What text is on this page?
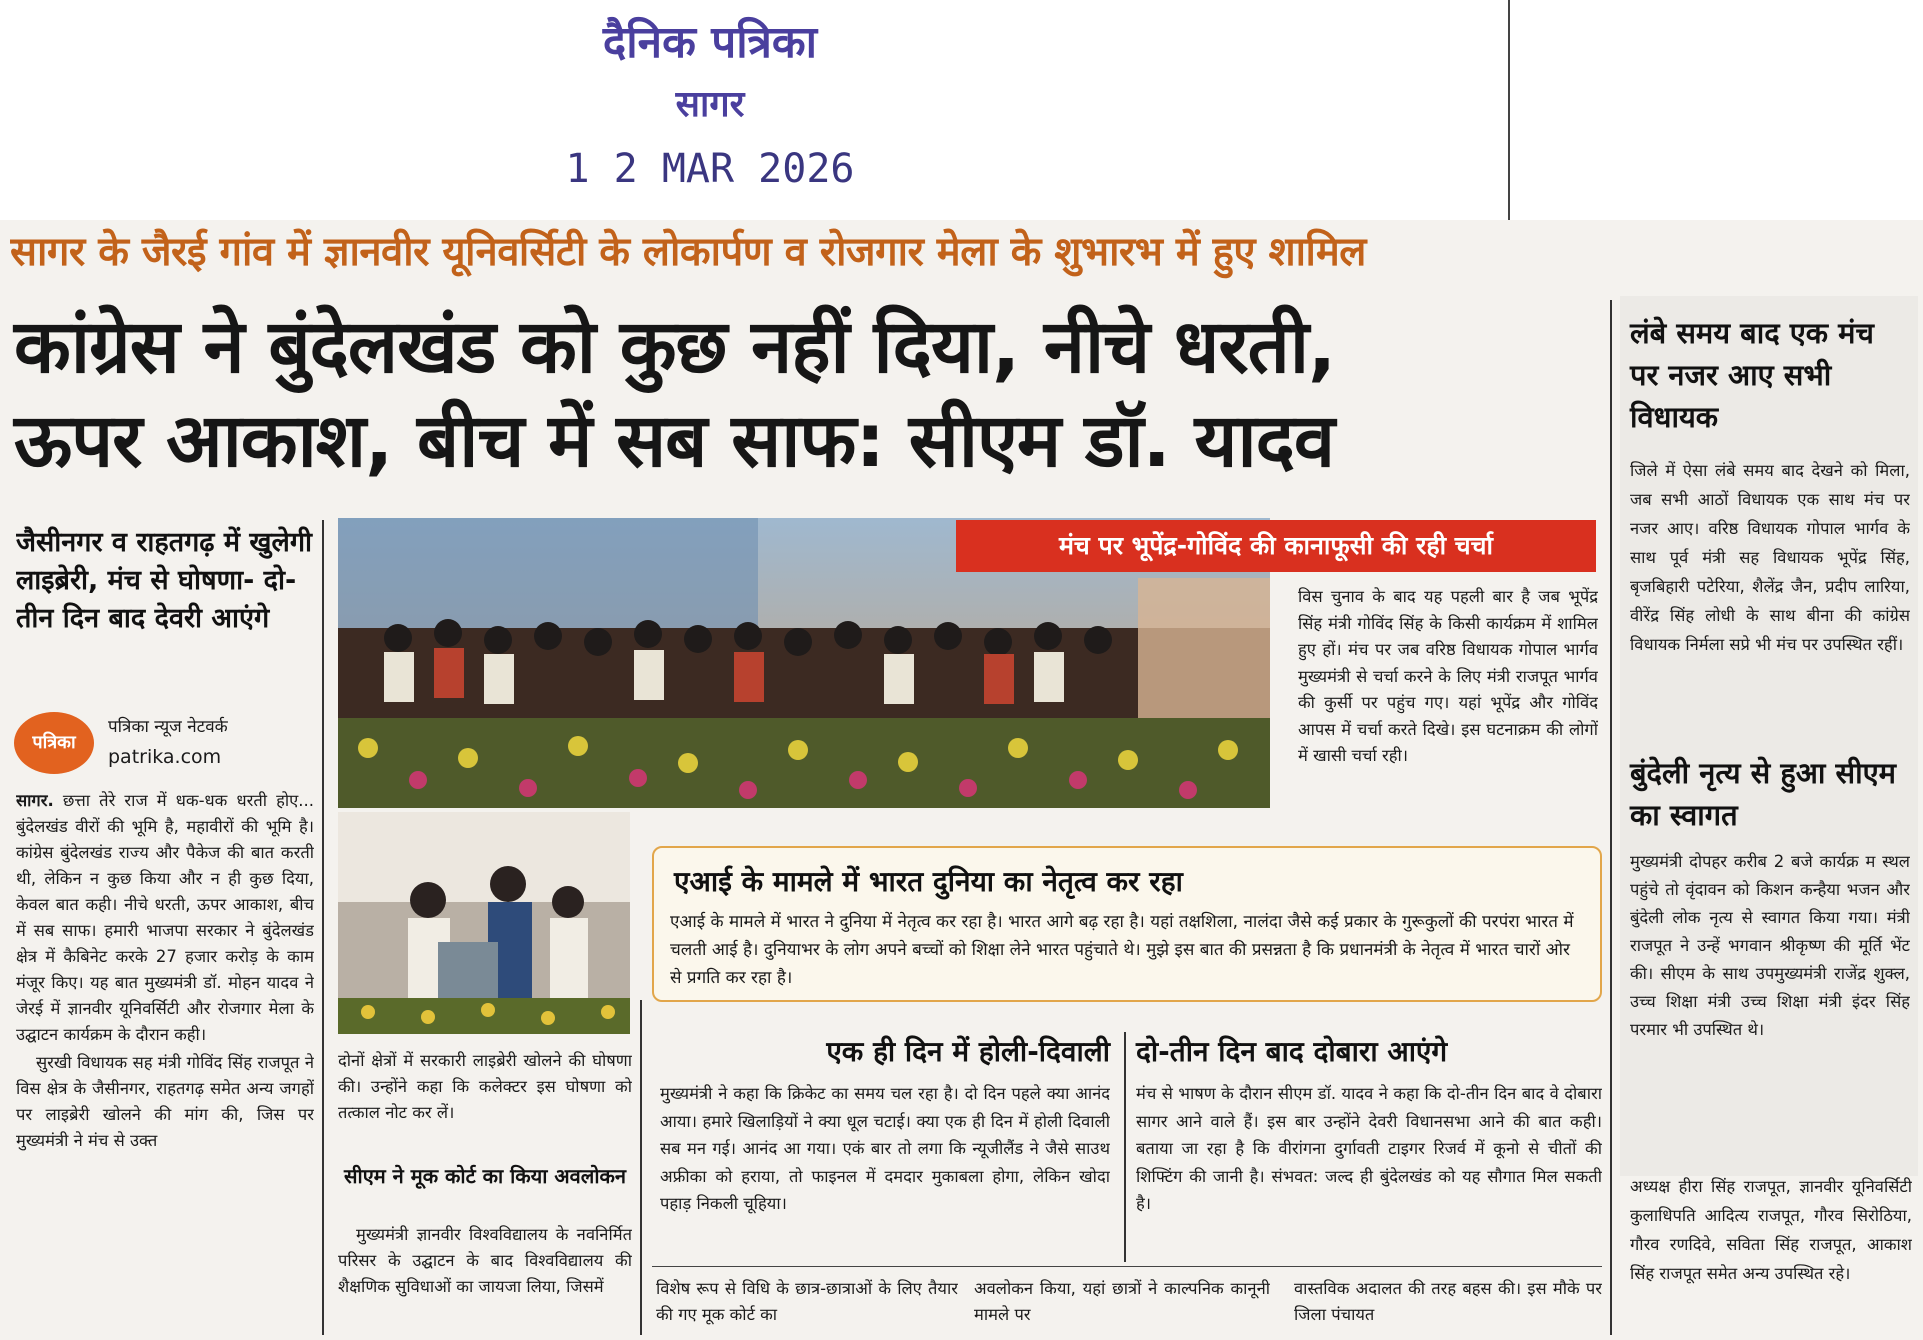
दैनिक पत्रिका
सागर
1 2 MAR 2026
सागर के जैरई गांव में ज्ञानवीर यूनिवर्सिटी के लोकार्पण व रोजगार मेला के शुभारभ में हुए शामिल
कांग्रेस ने बुंदेलखंड को कुछ नहीं दिया, नीचे धरती,
ऊपर आकाश, बीच में सब साफ: सीएम डॉ. यादव
जैसीनगर व राहतगढ़ में खुलेगी लाइब्रेरी, मंच से घोषणा- दो-तीन दिन बाद देवरी आएंगे
पत्रिका
पत्रिका न्यूज नेटवर्क
patrika.com
सागर. छत्ता तेरे राज में धक-धक धरती होए... बुंदेलखंड वीरों की भूमि है, महावीरों की भूमि है। कांग्रेस बुंदेलखंड राज्य और पैकेज की बात करती थी, लेकिन न कुछ किया और न ही कुछ दिया, केवल बात कही। नीचे धरती, ऊपर आकाश, बीच में सब साफ। हमारी भाजपा सरकार ने बुंदेलखंड क्षेत्र में कैबिनेट करके 27 हजार करोड़ के काम मंजूर किए। यह बात मुख्यमंत्री डॉ. मोहन यादव ने जेरई में ज्ञानवीर यूनिवर्सिटी और रोजगार मेला के उद्घाटन कार्यक्रम के दौरान कही।

सुरखी विधायक सह मंत्री गोविंद सिंह राजपूत ने विस क्षेत्र के जैसीनगर, राहतगढ़ समेत अन्य जगहों पर लाइब्रेरी खोलने की मांग की, जिस पर मुख्यमंत्री ने मंच से उक्त

मंच पर भूपेंद्र-गोविंद की कानाफूसी की रही चर्चा
विस चुनाव के बाद यह पहली बार है जब भूपेंद्र सिंह मंत्री गोविंद सिंह के किसी कार्यक्रम में शामिल हुए हों। मंच पर जब वरिष्ठ विधायक गोपाल भार्गव मुख्यमंत्री से चर्चा करने के लिए मंत्री राजपूत भार्गव की कुर्सी पर पहुंच गए। यहां भूपेंद्र और गोविंद आपस में चर्चा करते दिखे। इस घटनाक्रम की लोगों में खासी चर्चा रही।
एआई के मामले में भारत दुनिया का नेतृत्व कर रहा
एआई के मामले में भारत ने दुनिया में नेतृत्व कर रहा है। भारत आगे बढ़ रहा है। यहां तक्षशिला, नालंदा जैसे कई प्रकार के गुरूकुलों की परपंरा भारत में चलती आई है। दुनियाभर के लोग अपने बच्चों को शिक्षा लेने भारत पहुंचाते थे। मुझे इस बात की प्रसन्नता है कि प्रधानमंत्री के नेतृत्व में भारत चारों ओर से प्रगति कर रहा है।
दोनों क्षेत्रों में सरकारी लाइब्रेरी खोलने की घोषणा की। उन्होंने कहा कि कलेक्टर इस घोषणा को तत्काल नोट कर लें।
सीएम ने मूक कोर्ट का किया अवलोकन
मुख्यमंत्री ज्ञानवीर विश्वविद्यालय के नवनिर्मित परिसर के उद्घाटन के बाद विश्वविद्यालय की शैक्षणिक सुविधाओं का जायजा लिया, जिसमें
एक ही दिन में होली-दिवाली
मुख्यमंत्री ने कहा कि क्रिकेट का समय चल रहा है। दो दिन पहले क्या आनंद आया। हमारे खिलाड़ियों ने क्या धूल चटाई। क्या एक ही दिन में होली दिवाली सब मन गई। आनंद आ गया। एकं बार तो लगा कि न्यूजीलैंड ने जैसे साउथ अफ्रीका को हराया, तो फाइनल में दमदार मुकाबला होगा, लेकिन खोदा पहाड़ निकली चूहिया।
दो-तीन दिन बाद दोबारा आएंगे
मंच से भाषण के दौरान सीएम डॉ. यादव ने कहा कि दो-तीन दिन बाद वे दोबारा सागर आने वाले हैं। इस बार उन्होंने देवरी विधानसभा आने की बात कही। बताया जा रहा है कि वीरांगना दुर्गावती टाइगर रिजर्व में कूनो से चीतों की शिफ्टिंग की जानी है। संभवत: जल्द ही बुंदेलखंड को यह सौगात मिल सकती है।
विशेष रूप से विधि के छात्र-छात्राओं के लिए तैयार की गए मूक कोर्ट का
अवलोकन किया, यहां छात्रों ने काल्पनिक कानूनी मामले पर
वास्तविक अदालत की तरह बहस की। इस मौके पर जिला पंचायत
लंबे समय बाद एक मंच पर नजर आए सभी विधायक
जिले में ऐसा लंबे समय बाद देखने को मिला, जब सभी आठों विधायक एक साथ मंच पर नजर आए। वरिष्ठ विधायक गोपाल भार्गव के साथ पूर्व मंत्री सह विधायक भूपेंद्र सिंह, बृजबिहारी पटेरिया, शैलेंद्र जैन, प्रदीप लारिया, वीरेंद्र सिंह लोधी के साथ बीना की कांग्रेस विधायक निर्मला सप्रे भी मंच पर उपस्थित रहीं।
बुंदेली नृत्य से हुआ सीएम का स्वागत
मुख्यमंत्री दोपहर करीब 2 बजे कार्यक्र म स्थल पहुंचे तो वृंदावन को किशन कन्हैया भजन और बुंदेली लोक नृत्य से स्वागत किया गया। मंत्री राजपूत ने उन्हें भगवान श्रीकृष्ण की मूर्ति भेंट की। सीएम के साथ उपमुख्यमंत्री राजेंद्र शुक्ल, उच्च शिक्षा मंत्री उच्च शिक्षा मंत्री इंदर सिंह परमार भी उपस्थित थे।
अध्यक्ष हीरा सिंह राजपूत, ज्ञानवीर यूनिवर्सिटी कुलाधिपति आदित्य राजपूत, गौरव सिरोठिया, गौरव रणदिवे, सविता सिंह राजपूत, आकाश सिंह राजपूत समेत अन्य उपस्थित रहे।
